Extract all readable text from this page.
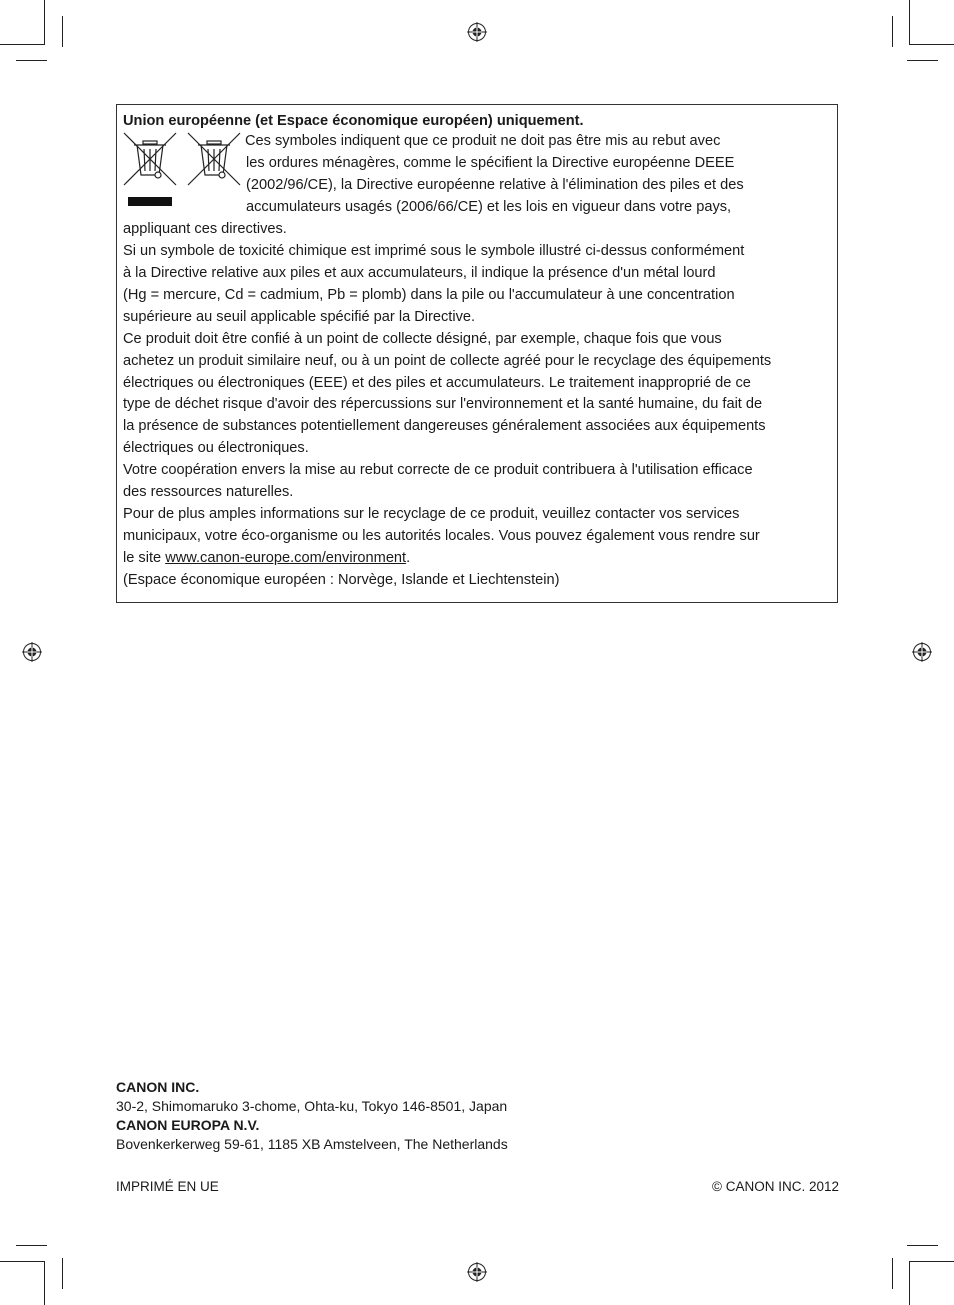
Union européenne (et Espace économique européen) uniquement.
Ces symboles indiquent que ce produit ne doit pas être mis au rebut avec
les ordures ménagères, comme le spécifient la Directive européenne DEEE
(2002/96/CE), la Directive européenne relative à l'élimination des piles et des
accumulateurs usagés (2006/66/CE) et les lois en vigueur dans votre pays,
appliquant ces directives.
Si un symbole de toxicité chimique est imprimé sous le symbole illustré ci-dessus conformément
à la Directive relative aux piles et aux accumulateurs, il indique la présence d'un métal lourd
(Hg = mercure, Cd = cadmium, Pb = plomb) dans la pile ou l'accumulateur à une concentration
supérieure au seuil applicable spécifié par la Directive.
Ce produit doit être confié à un point de collecte désigné, par exemple, chaque fois que vous
achetez un produit similaire neuf, ou à un point de collecte agréé pour le recyclage des équipements
électriques ou électroniques (EEE) et des piles et accumulateurs. Le traitement inapproprié de ce
type de déchet risque d'avoir des répercussions sur l'environnement et la santé humaine, du fait de
la présence de substances potentiellement dangereuses généralement associées aux équipements
électriques ou électroniques.
Votre coopération envers la mise au rebut correcte de ce produit contribuera à l'utilisation efficace
des ressources naturelles.
Pour de plus amples informations sur le recyclage de ce produit, veuillez contacter vos services
municipaux, votre éco-organisme ou les autorités locales. Vous pouvez également vous rendre sur
le site www.canon-europe.com/environment.
(Espace économique européen : Norvège, Islande et Liechtenstein)
CANON INC.
30-2, Shimomaruko 3-chome, Ohta-ku, Tokyo 146-8501, Japan
CANON EUROPA N.V.
Bovenkerkerweg 59-61, 1185 XB Amstelveen, The Netherlands
IMPRIMÉ EN UE	© CANON INC. 2012
